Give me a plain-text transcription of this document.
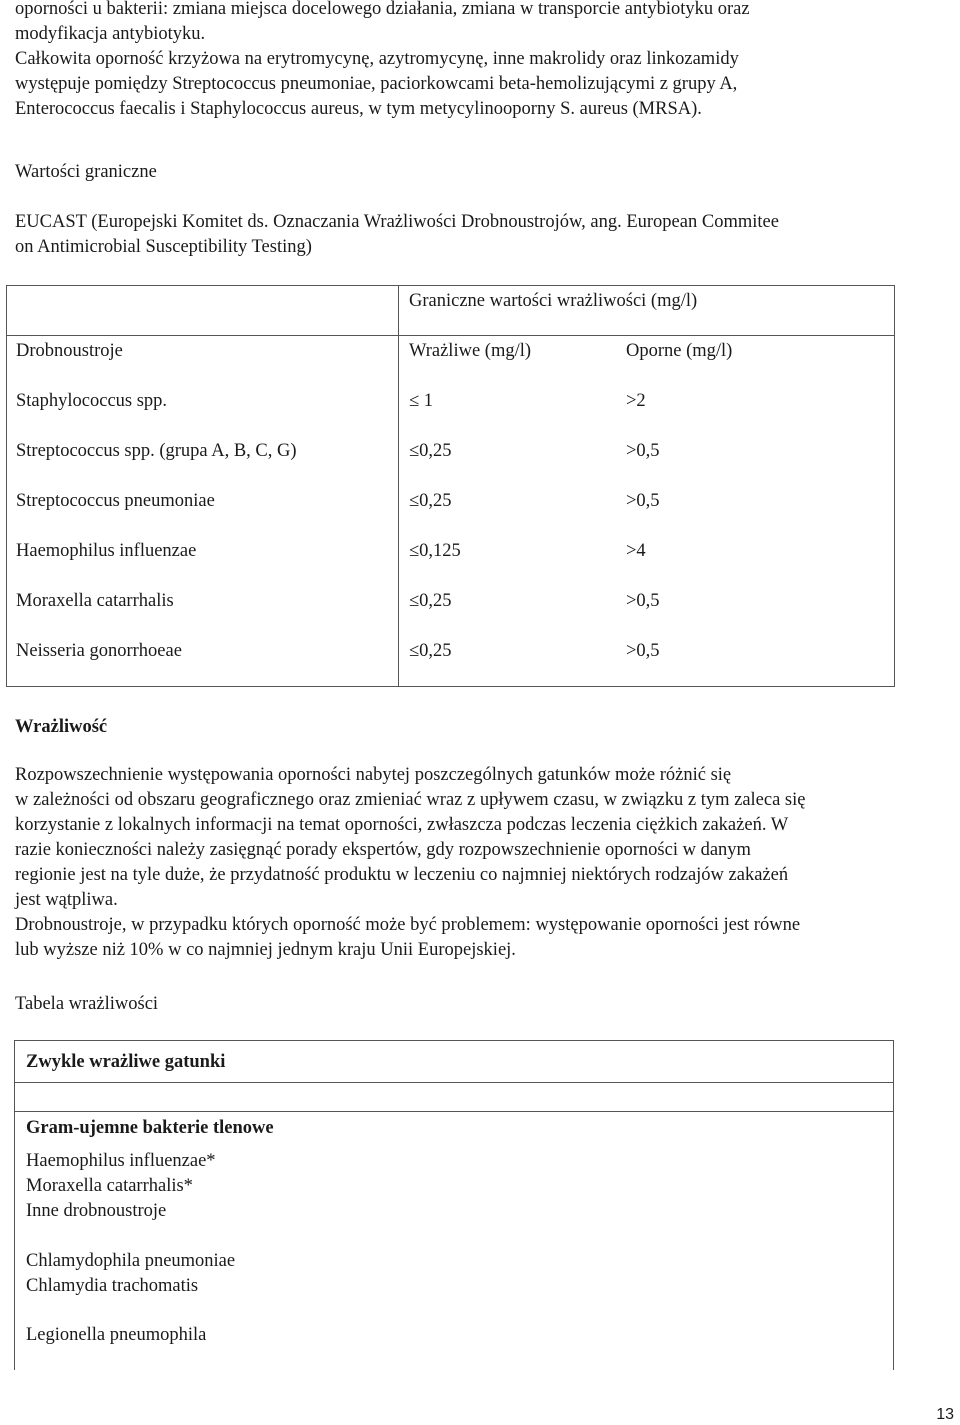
oporności u bakterii: zmiana miejsca docelowego działania, zmiana w transporcie antybiotyku oraz
modyfikacja antybiotyku.
Całkowita oporność krzyżowa na erytromycynę, azytromycynę, inne makrolidy oraz linkozamidy
występuje pomiędzy Streptococcus pneumoniae, paciorkowcami beta-hemolizującymi z grupy A,
Enterococcus faecalis i Staphylococcus aureus, w tym metycylinooporny S. aureus (MRSA).
Wartości graniczne
EUCAST (Europejski Komitet ds. Oznaczania Wrażliwości Drobnoustrojów, ang. European Commitee
on Antimicrobial Susceptibility Testing)
Graniczne wartości wrażliwości (mg/l)
Drobnoustroje	Wrażliwe (mg/l)	Oporne (mg/l)
Staphylococcus spp.	≤ 1	>2
Streptococcus spp. (grupa A, B, C, G)	≤0,25	>0,5
Streptococcus pneumoniae	≤0,25	>0,5
Haemophilus influenzae	≤0,125	>4
Moraxella catarrhalis	≤0,25	>0,5
Neisseria gonorrhoeae	≤0,25	>0,5
Wrażliwość
Rozpowszechnienie występowania oporności nabytej poszczególnych gatunków może różnić się
w zależności od obszaru geograficznego oraz zmieniać wraz z upływem czasu, w związku z tym zaleca się
korzystanie z lokalnych informacji na temat oporności, zwłaszcza podczas leczenia ciężkich zakażeń. W
razie konieczności należy zasięgnąć porady ekspertów, gdy rozpowszechnienie oporności w danym
regionie jest na tyle duże, że przydatność produktu w leczeniu co najmniej niektórych rodzajów zakażeń
jest wątpliwa.
Drobnoustroje, w przypadku których oporność może być problemem: występowanie oporności jest równe
lub wyższe niż 10% w co najmniej jednym kraju Unii Europejskiej.
Tabela wrażliwości
Zwykle wrażliwe gatunki
Gram-ujemne bakterie tlenowe
Haemophilus influenzae*
Moraxella catarrhalis*
Inne drobnoustroje
Chlamydophila pneumoniae
Chlamydia trachomatis
Legionella pneumophila
13
